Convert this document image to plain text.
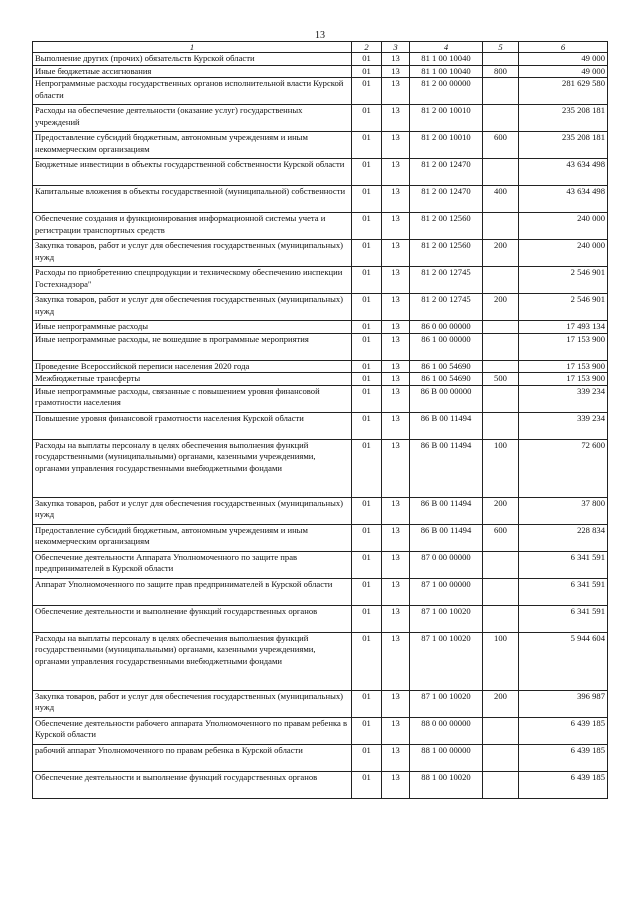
13
1	2	3	4	5	6
Выполнение других (прочих) обязательств Курской области	01	13	81 1 00 10040		49 000
Иные бюджетные ассигнования	01	13	81 1 00 10040	800	49 000
Непрограммные расходы государственных органов исполнительной власти Курской области	01	13	81 2 00 00000		281 629 580
Расходы на обеспечение деятельности (оказание услуг) государственных учреждений	01	13	81 2 00 10010		235 208 181
Предоставление субсидий бюджетным, автономным учреждениям и иным некоммерческим организациям	01	13	81 2 00 10010	600	235 208 181
Бюджетные инвестиции в объекты государственной собственности Курской области	01	13	81 2 00 12470		43 634 498
Капитальные вложения в объекты государственной (муниципальной) собственности	01	13	81 2 00 12470	400	43 634 498
Обеспечение создания и функционирования информационной системы учета и регистрации транспортных средств	01	13	81 2 00 12560		240 000
Закупка товаров, работ и услуг для обеспечения государственных (муниципальных) нужд	01	13	81 2 00 12560	200	240 000
Расходы по приобретению спецпродукции и техническому обеспечению инспекции Гостехнадзора"	01	13	81 2 00 12745		2 546 901
Закупка товаров, работ и услуг для обеспечения государственных (муниципальных) нужд	01	13	81 2 00 12745	200	2 546 901
Иные непрограммные расходы	01	13	86 0 00 00000		17 493 134
Иные непрограммные расходы, не вошедшие в программные мероприятия	01	13	86 1 00 00000		17 153 900
Проведение Всероссийской переписи населения 2020 года	01	13	86 1 00 54690		17 153 900
Межбюджетные трансферты	01	13	86 1 00 54690	500	17 153 900
Иные непрограммные расходы, связанные с повышением уровня финансовой грамотности населения	01	13	86 В 00 00000		339 234
Повышение уровня финансовой грамотности населения Курской области	01	13	86 В 00 11494		339 234
Расходы на выплаты персоналу в целях обеспечения выполнения функций государственными (муниципальными) органами, казенными учреждениями, органами управления государственными внебюджетными фондами	01	13	86 В 00 11494	100	72 600
Закупка товаров, работ и услуг для обеспечения государственных (муниципальных) нужд	01	13	86 В 00 11494	200	37 800
Предоставление субсидий бюджетным, автономным учреждениям и иным некоммерческим организациям	01	13	86 В 00 11494	600	228 834
Обеспечение деятельности Аппарата Уполномоченного по защите прав предпринимателей в Курской области	01	13	87 0 00 00000		6 341 591
Аппарат Уполномоченного по защите прав предпринимателей в Курской области	01	13	87 1 00 00000		6 341 591
Обеспечение деятельности и выполнение функций государственных органов	01	13	87 1 00 10020		6 341 591
Расходы на выплаты персоналу в целях обеспечения выполнения функций государственными (муниципальными) органами, казенными учреждениями, органами управления государственными внебюджетными фондами	01	13	87 1 00 10020	100	5 944 604
Закупка товаров, работ и услуг для обеспечения государственных (муниципальных) нужд	01	13	87 1 00 10020	200	396 987
Обеспечение деятельности рабочего аппарата Уполномоченного по правам ребенка в Курской области	01	13	88 0 00 00000		6 439 185
рабочий аппарат Уполномоченного по правам ребенка в Курской области	01	13	88 1 00 00000		6 439 185
Обеспечение деятельности и выполнение функций государственных органов	01	13	88 1 00 10020		6 439 185
